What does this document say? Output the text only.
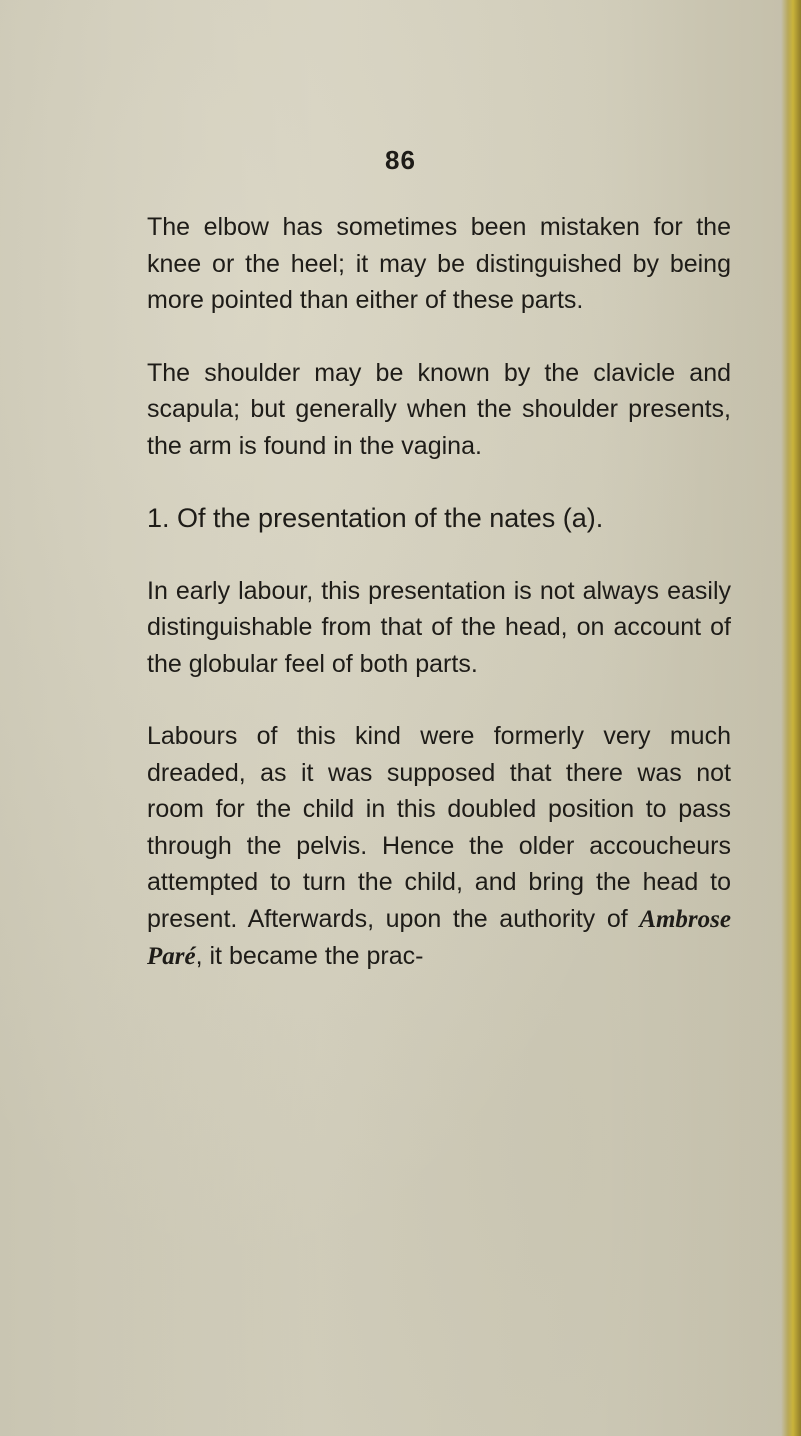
86

The elbow has sometimes been mistaken for the knee or the heel; it may be distinguished by being more pointed than either of these parts.

The shoulder may be known by the clavicle and scapula; but generally when the shoulder presents, the arm is found in the vagina.

1. Of the presentation of the nates (a).

In early labour, this presentation is not always easily distinguishable from that of the head, on account of the globular feel of both parts.

Labours of this kind were formerly very much dreaded, as it was supposed that there was not room for the child in this doubled position to pass through the pelvis. Hence the older accoucheurs attempted to turn the child, and bring the head to present. Afterwards, upon the authority of Ambrose Paré, it became the prac-
